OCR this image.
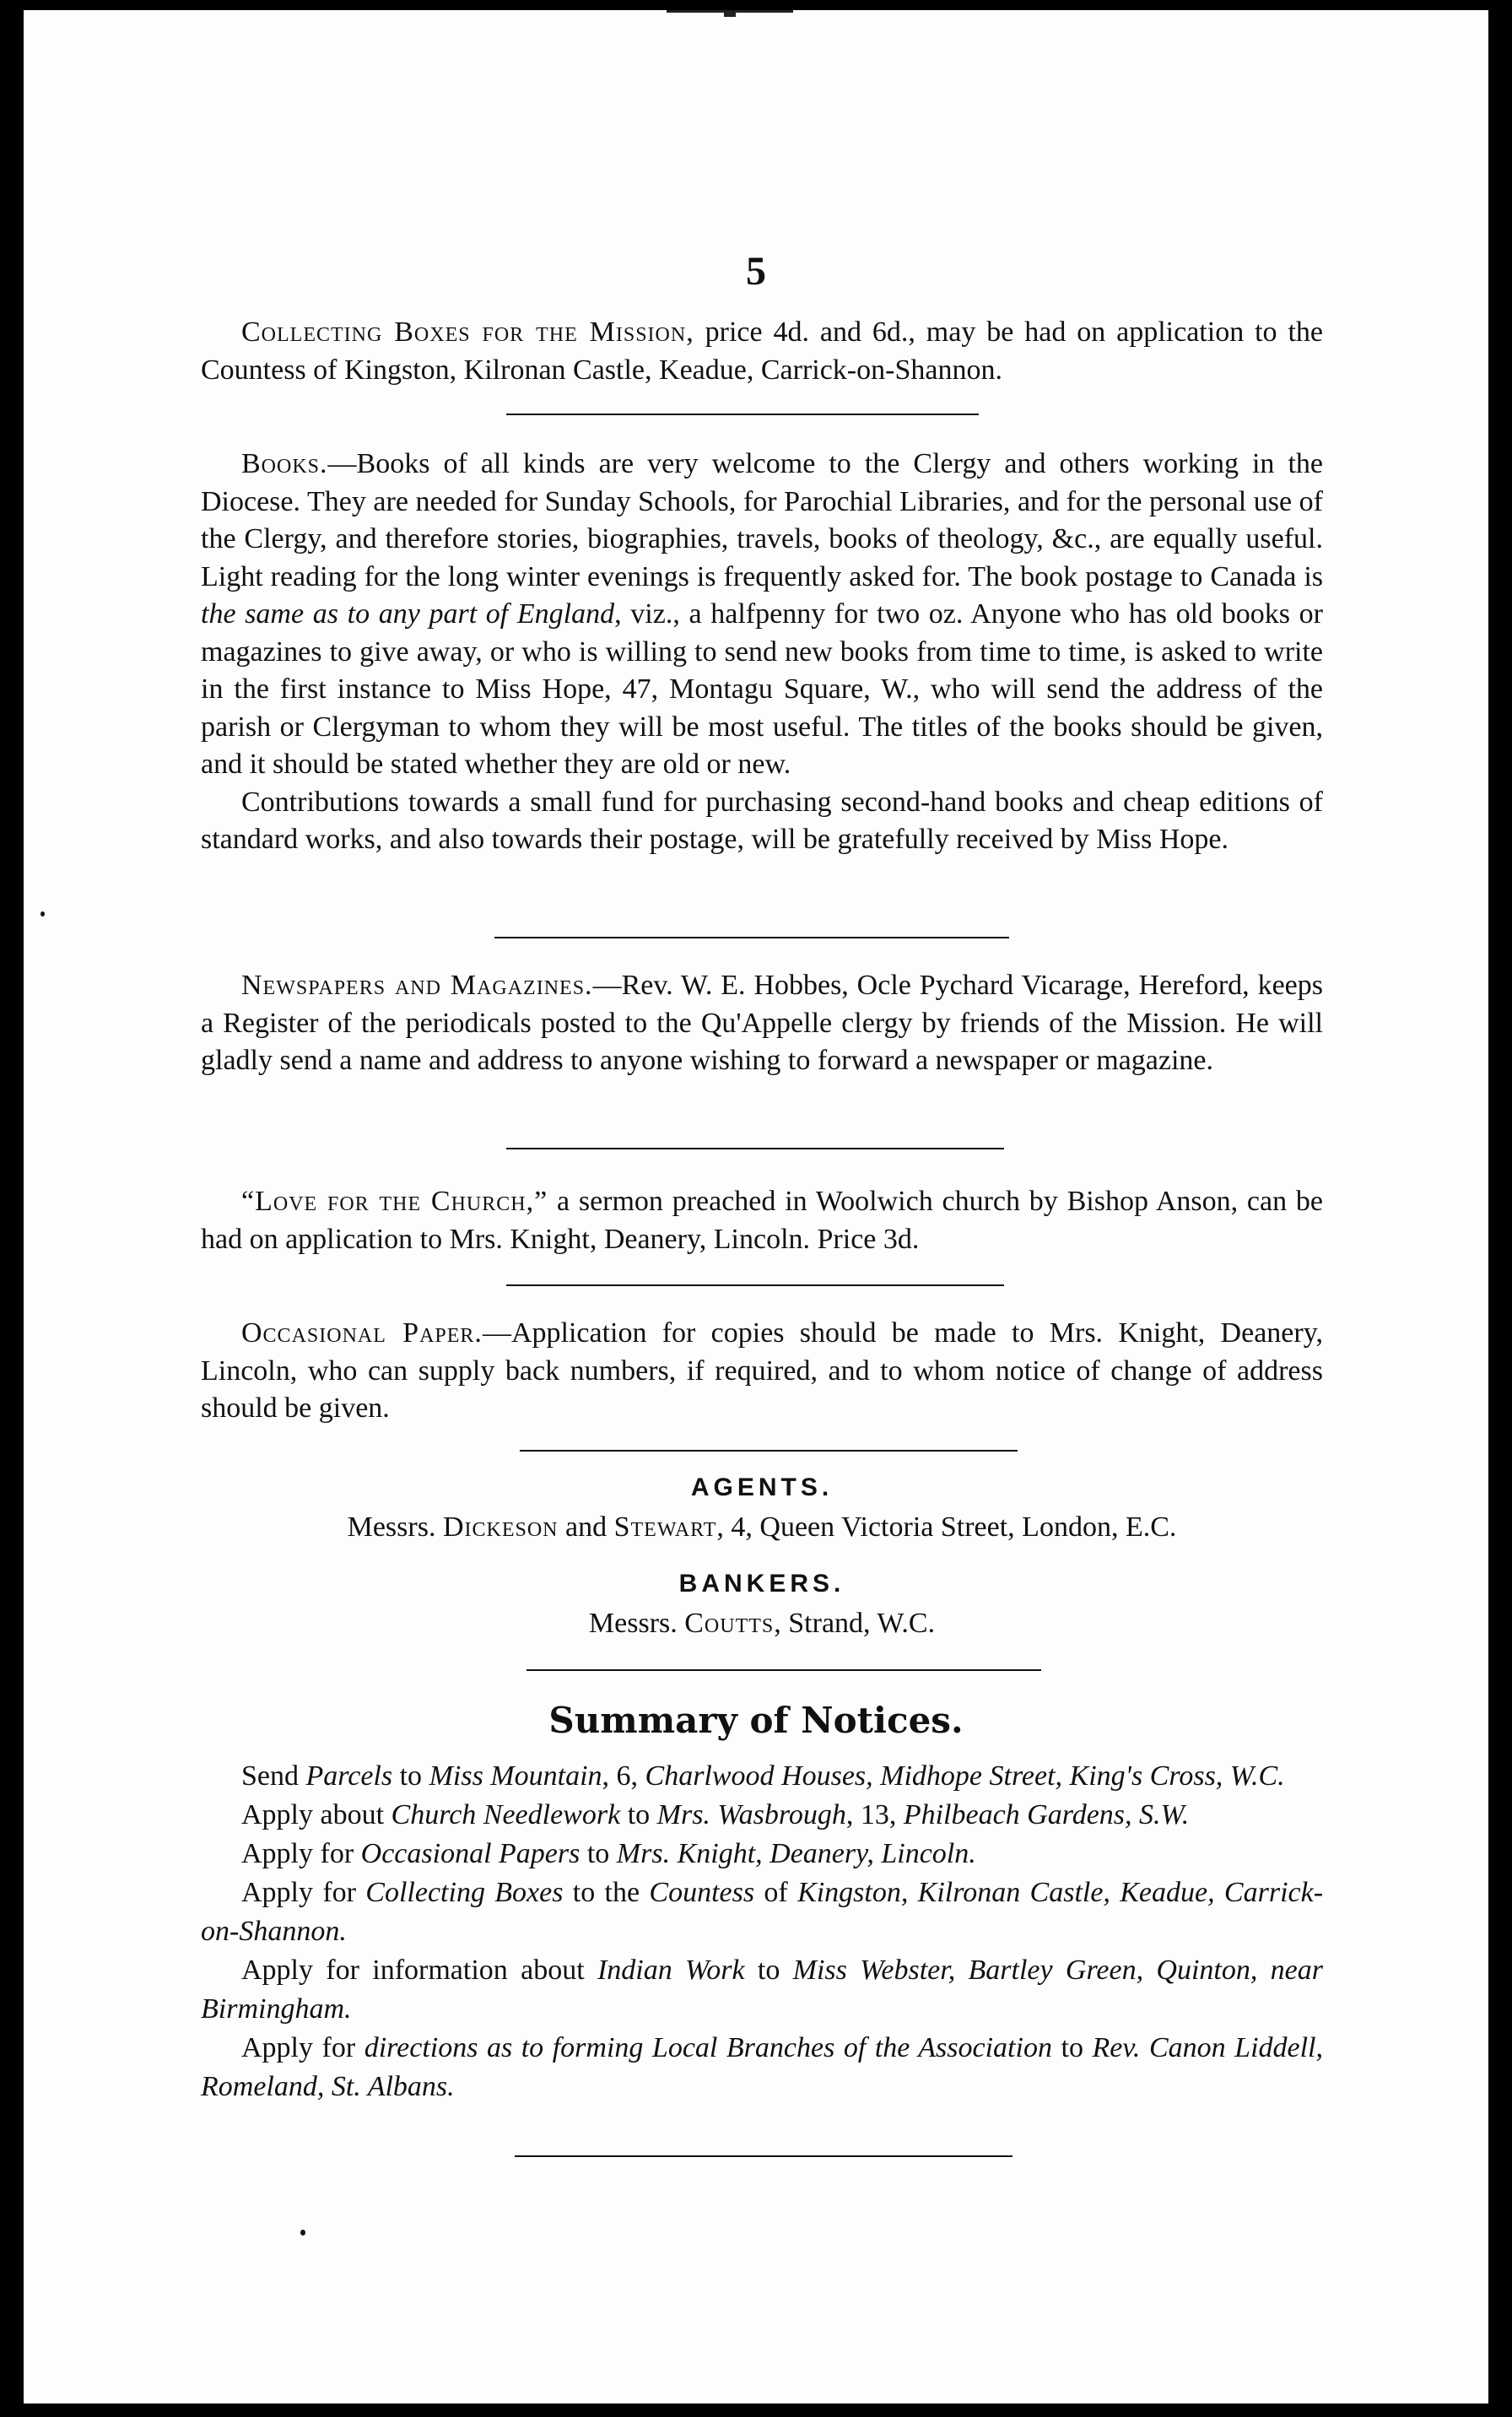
5

Collecting Boxes for the Mission, price 4d. and 6d., may be had on application to the Countess of Kingston, Kilronan Castle, Keadue, Carrick-on-Shannon.

Books.—Books of all kinds are very welcome to the Clergy and others working in the Diocese. They are needed for Sunday Schools, for Parochial Libraries, and for the personal use of the Clergy, and therefore stories, biographies, travels, books of theology, &c., are equally useful. Light reading for the long winter evenings is frequently asked for. The book postage to Canada is the same as to any part of England, viz., a halfpenny for two oz. Anyone who has old books or magazines to give away, or who is willing to send new books from time to time, is asked to write in the first instance to Miss Hope, 47, Montagu Square, W., who will send the address of the parish or Clergyman to whom they will be most useful. The titles of the books should be given, and it should be stated whether they are old or new.

Contributions towards a small fund for purchasing second-hand books and cheap editions of standard works, and also towards their postage, will be gratefully received by Miss Hope.

Newspapers and Magazines.—Rev. W. E. Hobbes, Ocle Pychard Vicarage, Hereford, keeps a Register of the periodicals posted to the Qu'Appelle clergy by friends of the Mission. He will gladly send a name and address to anyone wishing to forward a newspaper or magazine.

“Love for the Church,” a sermon preached in Woolwich church by Bishop Anson, can be had on application to Mrs. Knight, Deanery, Lincoln. Price 3d.

Occasional Paper.—Application for copies should be made to Mrs. Knight, Deanery, Lincoln, who can supply back numbers, if required, and to whom notice of change of address should be given.

AGENTS.
Messrs. Dickeson and Stewart, 4, Queen Victoria Street, London, E.C.
BANKERS.
Messrs. Coutts, Strand, W.C.
Summary of Notices.

Send Parcels to Miss Mountain, 6, Charlwood Houses, Midhope Street, King's Cross, W.C.

Apply about Church Needlework to Mrs. Wasbrough, 13, Philbeach Gardens, S.W.

Apply for Occasional Papers to Mrs. Knight, Deanery, Lincoln.

Apply for Collecting Boxes to the Countess of Kingston, Kilronan Castle, Keadue, Carrick-on-Shannon.

Apply for information about Indian Work to Miss Webster, Bartley Green, Quinton, near Birmingham.

Apply for directions as to forming Local Branches of the Association to Rev. Canon Liddell, Romeland, St. Albans.
